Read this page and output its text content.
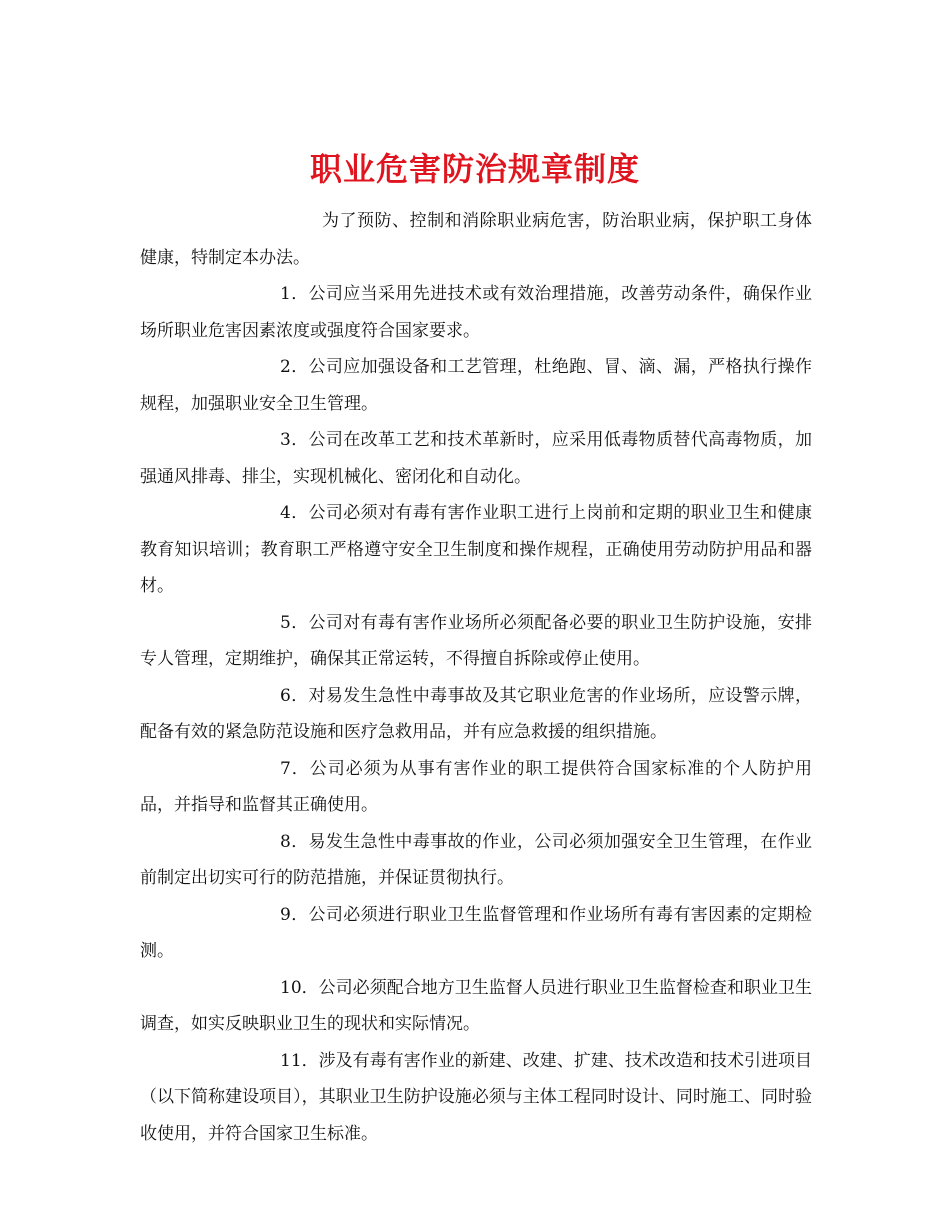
职业危害防治规章制度

为了预防、控制和消除职业病危害，防治职业病，保护职工身体健康，特制定本办法。

1．公司应当采用先进技术或有效治理措施，改善劳动条件，确保作业场所职业危害因素浓度或强度符合国家要求。

2．公司应加强设备和工艺管理，杜绝跑、冒、滴、漏，严格执行操作规程，加强职业安全卫生管理。

3．公司在改革工艺和技术革新时，应采用低毒物质替代高毒物质，加强通风排毒、排尘，实现机械化、密闭化和自动化。

4．公司必须对有毒有害作业职工进行上岗前和定期的职业卫生和健康教育知识培训；教育职工严格遵守安全卫生制度和操作规程，正确使用劳动防护用品和器材。

5．公司对有毒有害作业场所必须配备必要的职业卫生防护设施，安排专人管理，定期维护，确保其正常运转，不得擅自拆除或停止使用。

6．对易发生急性中毒事故及其它职业危害的作业场所，应设警示牌，配备有效的紧急防范设施和医疗急救用品，并有应急救援的组织措施。

7．公司必须为从事有害作业的职工提供符合国家标准的个人防护用品，并指导和监督其正确使用。

8．易发生急性中毒事故的作业，公司必须加强安全卫生管理，在作业前制定出切实可行的防范措施，并保证贯彻执行。

9．公司必须进行职业卫生监督管理和作业场所有毒有害因素的定期检测。

10．公司必须配合地方卫生监督人员进行职业卫生监督检查和职业卫生调查，如实反映职业卫生的现状和实际情况。

11．涉及有毒有害作业的新建、改建、扩建、技术改造和技术引进项目（以下简称建设项目），其职业卫生防护设施必须与主体工程同时设计、同时施工、同时验收使用，并符合国家卫生标准。
